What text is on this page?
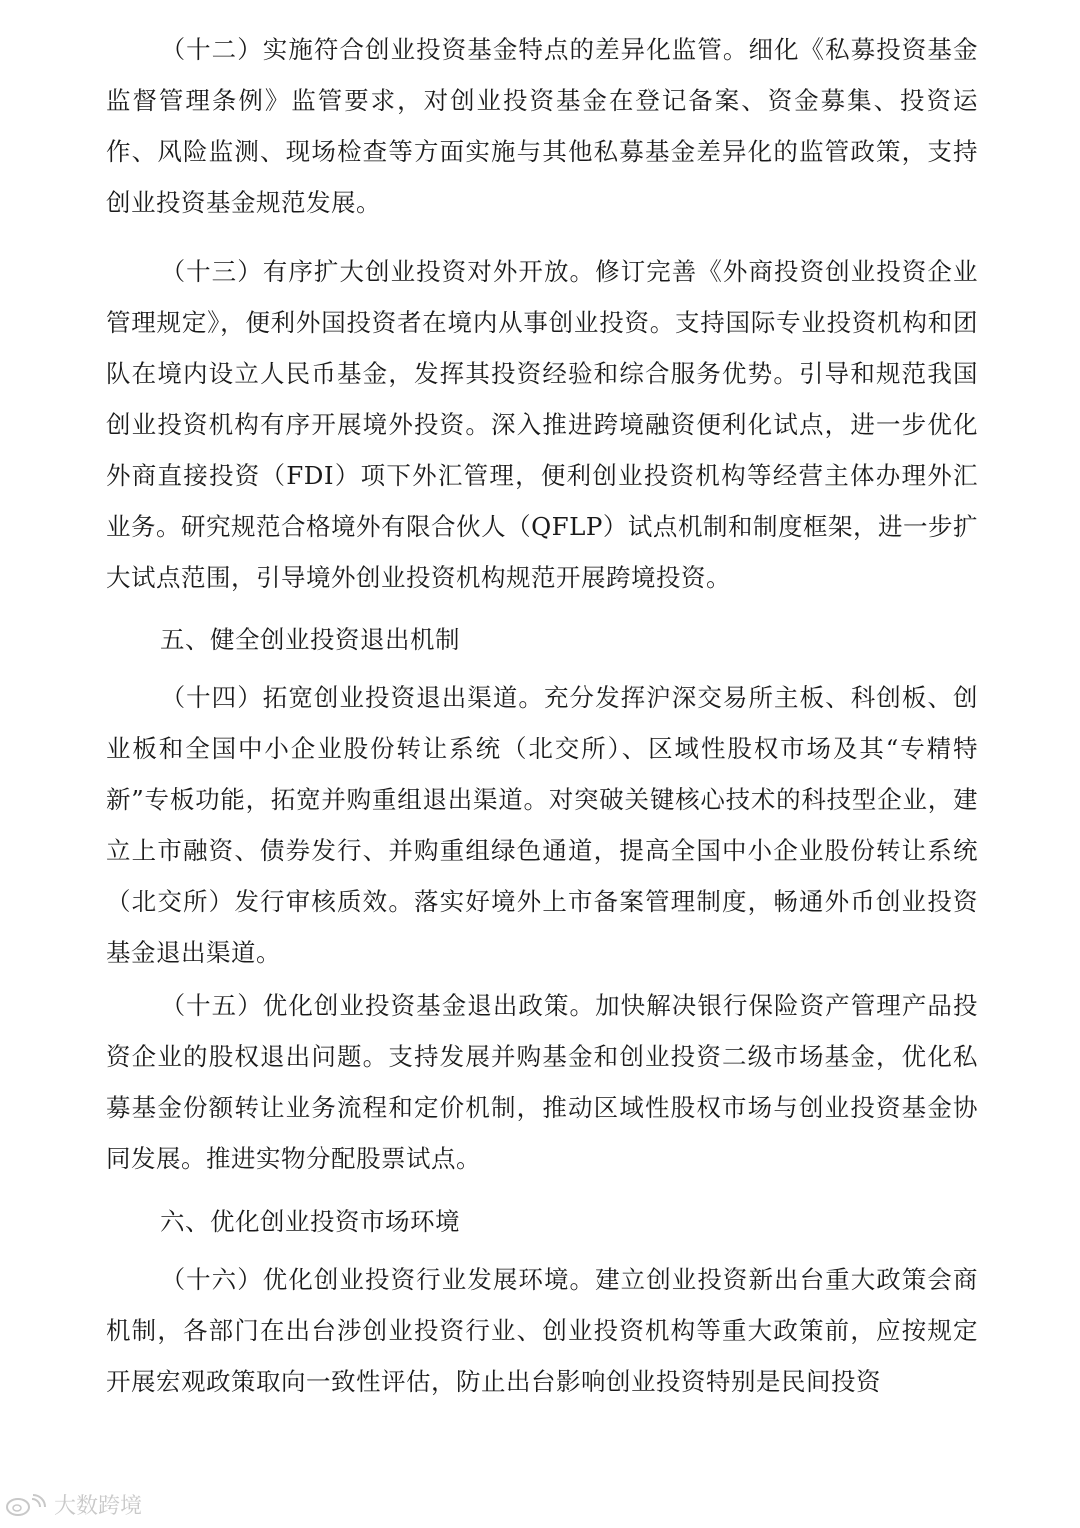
（十二）实施符合创业投资基金特点的差异化监管。细化《私募投资基金监督管理条例》监管要求，对创业投资基金在登记备案、资金募集、投资运作、风险监测、现场检查等方面实施与其他私募基金差异化的监管政策，支持创业投资基金规范发展。

（十三）有序扩大创业投资对外开放。修订完善《外商投资创业投资企业管理规定》，便利外国投资者在境内从事创业投资。支持国际专业投资机构和团队在境内设立人民币基金，发挥其投资经验和综合服务优势。引导和规范我国创业投资机构有序开展境外投资。深入推进跨境融资便利化试点，进一步优化外商直接投资（FDI）项下外汇管理，便利创业投资机构等经营主体办理外汇业务。研究规范合格境外有限合伙人（QFLP）试点机制和制度框架，进一步扩大试点范围，引导境外创业投资机构规范开展跨境投资。

五、健全创业投资退出机制

（十四）拓宽创业投资退出渠道。充分发挥沪深交易所主板、科创板、创业板和全国中小企业股份转让系统（北交所）、区域性股权市场及其“专精特新”专板功能，拓宽并购重组退出渠道。对突破关键核心技术的科技型企业，建立上市融资、债券发行、并购重组绿色通道，提高全国中小企业股份转让系统（北交所）发行审核质效。落实好境外上市备案管理制度，畅通外币创业投资基金退出渠道。

（十五）优化创业投资基金退出政策。加快解决银行保险资产管理产品投资企业的股权退出问题。支持发展并购基金和创业投资二级市场基金，优化私募基金份额转让业务流程和定价机制，推动区域性股权市场与创业投资基金协同发展。推进实物分配股票试点。

六、优化创业投资市场环境

（十六）优化创业投资行业发展环境。建立创业投资新出台重大政策会商机制，各部门在出台涉创业投资行业、创业投资机构等重大政策前，应按规定开展宏观政策取向一致性评估，防止出台影响创业投资特别是民间投资

大数跨境
